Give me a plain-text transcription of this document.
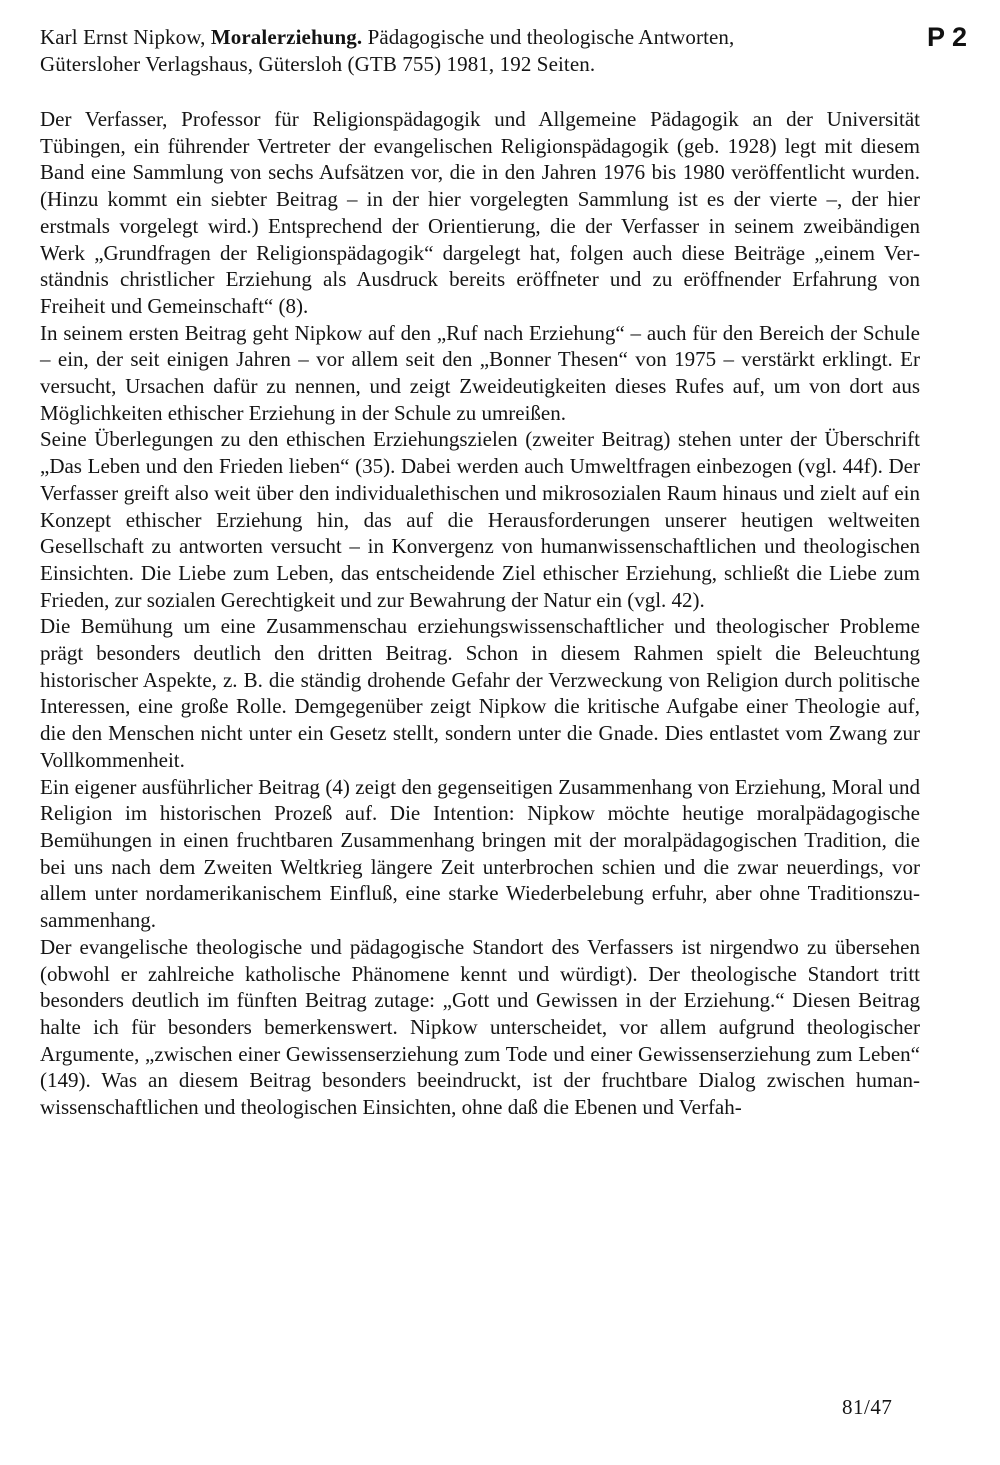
P 2
Karl Ernst Nipkow, Moralerziehung. Pädagogische und theologische Antworten,
Gütersloher Verlagshaus, Gütersloh (GTB 755) 1981, 192 Seiten.

Der Verfasser, Professor für Religionspädagogik und Allgemeine Pädagogik an der Universität Tübingen, ein führender Vertreter der evangelischen Religionspädagogik (geb. 1928) legt mit diesem Band eine Sammlung von sechs Aufsätzen vor, die in den Jahren 1976 bis 1980 veröffentlicht wurden. (Hinzu kommt ein siebter Beitrag – in der hier vorgelegten Sammlung ist es der vierte –, der hier erstmals vorgelegt wird.) Entsprechend der Orientierung, die der Verfasser in seinem zweibändigen Werk „Grundfragen der Religionspädagogik“ dargelegt hat, folgen auch diese Beiträge „einem Verständnis christlicher Erziehung als Ausdruck bereits eröffneter und zu eröffnender Erfahrung von Freiheit und Gemeinschaft“ (8).

In seinem ersten Beitrag geht Nipkow auf den „Ruf nach Erziehung“ – auch für den Bereich der Schule – ein, der seit einigen Jahren – vor allem seit den „Bonner Thesen“ von 1975 – verstärkt erklingt. Er versucht, Ursachen dafür zu nennen, und zeigt Zweideutigkeiten dieses Rufes auf, um von dort aus Möglichkeiten ethischer Erziehung in der Schule zu umreißen.

Seine Überlegungen zu den ethischen Erziehungszielen (zweiter Beitrag) stehen unter der Überschrift „Das Leben und den Frieden lieben“ (35). Dabei werden auch Umweltfragen einbezogen (vgl. 44f). Der Verfasser greift also weit über den individualethischen und mikrosozialen Raum hinaus und zielt auf ein Konzept ethischer Erziehung hin, das auf die Herausforderungen unserer heutigen weltweiten Gesellschaft zu antworten versucht – in Konvergenz von humanwissenschaftlichen und theologischen Einsichten. Die Liebe zum Leben, das entscheidende Ziel ethischer Erziehung, schließt die Liebe zum Frieden, zur sozialen Gerechtigkeit und zur Bewahrung der Natur ein (vgl. 42).

Die Bemühung um eine Zusammenschau erziehungswissenschaftlicher und theologischer Probleme prägt besonders deutlich den dritten Beitrag. Schon in diesem Rahmen spielt die Beleuchtung historischer Aspekte, z. B. die ständig drohende Gefahr der Verzweckung von Religion durch politische Interessen, eine große Rolle. Demgegenüber zeigt Nipkow die kritische Aufgabe einer Theologie auf, die den Menschen nicht unter ein Gesetz stellt, sondern unter die Gnade. Dies entlastet vom Zwang zur Vollkommenheit.

Ein eigener ausführlicher Beitrag (4) zeigt den gegenseitigen Zusammenhang von Erziehung, Moral und Religion im historischen Prozeß auf. Die Intention: Nipkow möchte heutige moralpädagogische Bemühungen in einen fruchtbaren Zusammenhang bringen mit der moralpädagogischen Tradition, die bei uns nach dem Zweiten Weltkrieg längere Zeit unterbrochen schien und die zwar neuerdings, vor allem unter nordamerikanischem Einfluß, eine starke Wiederbelebung erfuhr, aber ohne Traditionszusammenhang.

Der evangelische theologische und pädagogische Standort des Verfassers ist nirgendwo zu übersehen (obwohl er zahlreiche katholische Phänomene kennt und würdigt). Der theologische Standort tritt besonders deutlich im fünften Beitrag zutage: „Gott und Gewissen in der Erziehung.“ Diesen Beitrag halte ich für besonders bemerkenswert. Nipkow unterscheidet, vor allem aufgrund theologischer Argumente, „zwischen einer Gewissenserziehung zum Tode und einer Gewissenserziehung zum Leben“ (149). Was an diesem Beitrag besonders beeindruckt, ist der fruchtbare Dialog zwischen humanwissenschaftlichen und theologischen Einsichten, ohne daß die Ebenen und Verfah-

81/47
